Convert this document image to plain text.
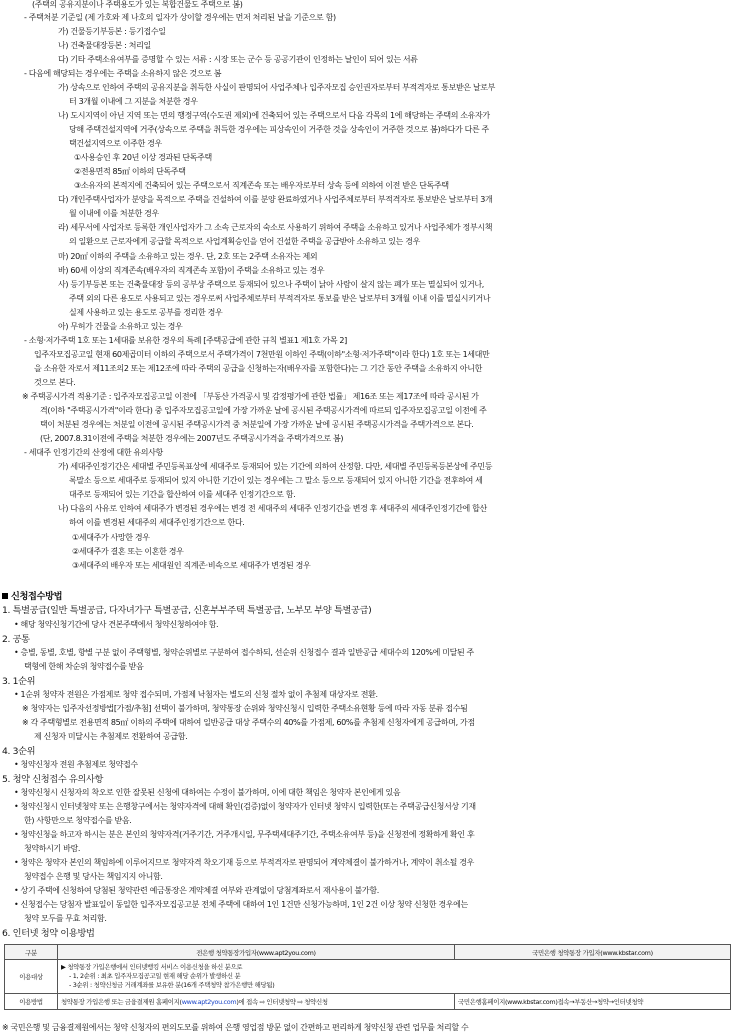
(주택의 공유지분이나 주택용도가 있는 복합건물도 주택으로 봄)
- 주택처분 기준일 (제 가호와 제 나호의 일자가 상이할 경우에는 먼저 처리된 날을 기준으로 함)
가) 건물등기부등본 : 등기접수일
나) 건축물대장등본 : 처리일
다) 기타 주택소유여부를 증명할 수 있는 서류 : 시장 또는 군수 등 공공기관이 인정하는 날인이 되어 있는 서류
- 다음에 해당되는 경우에는 주택을 소유하지 않은 것으로 봄
가) 상속으로 인하여 주택의 공유지분을 취득한 사실이 판명되어 사업주체나 입주자모집 승인권자로부터 부적격자로 통보받은 날로부
터 3개월 이내에 그 지분을 처분한 경우
나) 도시지역이 아닌 지역 또는 면의 행정구역(수도권 제외)에 건축되어 있는 주택으로서 다음 각목의 1에 해당하는 주택의 소유자가
당해 주택건설지역에 거주(상속으로 주택을 취득한 경우에는 피상속인이 거주한 것을 상속인이 거주한 것으로 봄)하다가 다른 주
택건설지역으로 이주한 경우
①사용승인 후 20년 이상 경과된 단독주택
②전용면적 85㎡ 이하의 단독주택
③소유자의 본적지에 건축되어 있는 주택으로서 직계존속 또는 배우자로부터 상속 등에 의하여 이전 받은 단독주택
다) 개인주택사업자가 분양을 목적으로 주택을 건설하여 이를 분양 완료하였거나 사업주체로부터 부적격자로 통보받은 날로부터 3개
월 이내에 이를 처분한 경우
라) 세무서에 사업자로 등록한 개인사업자가 그 소속 근로자의 숙소로 사용하기 위하여 주택을 소유하고 있거나 사업주체가 정부시책
의 일환으로 근로자에게 공급할 목적으로 사업계획승인을 얻어 건설한 주택을 공급받아 소유하고 있는 경우
마) 20㎡ 이하의 주택을 소유하고 있는 경우. 단, 2호 또는 2주택 소유자는 제외
바) 60세 이상의 직계존속(배우자의 직계존속 포함)이 주택을 소유하고 있는 경우
사) 등기부등본 또는 건축물대장 등의 공부상 주택으로 등재되어 있으나 주택이 낡아 사람이 살지 않는 폐가 또는 멸실되어 있거나,
주택 외의 다른 용도로 사용되고 있는 경우로써 사업주체로부터 부적격자로 통보를 받은 날로부터 3개월 이내 이를 멸실시키거나
실제 사용하고 있는 용도로 공부를 정리한 경우
아) 무허가 건물을 소유하고 있는 경우
- 소형·저가주택 1호 또는 1세대를 보유한 경우의 특례 [주택공급에 관한 규칙 별표1 제1호 가목 2]
입주자모집공고일 현재 60제곱미터 이하의 주택으로서 주택가격이 7천만원 이하인 주택(이하"소형·저가주택"이라 한다) 1호 또는 1세대만
을 소유한 자로서 제11조의2 또는 제12조에 따라 주택의 공급을 신청하는자(배우자를 포함한다)는 그 기간 동안 주택을 소유하지 아니한
것으로 본다.
※ 주택공시가격 적용기준 : 입주자모집공고일 이전에 「부동산 가격공시 및 감정평가에 관한 법률」 제16조 또는 제17조에 따라 공시된 가
격(이하 "주택공시가격"이라 한다) 중 입주자모집공고일에 가장 가까운 날에 공시된 주택공시가격에 따르되 입주자모집공고일 이전에 주
택이 처분된 경우에는 처분일 이전에 공시된 주택공시가격 중 처분일에 가장 가까운 날에 공시된 주택공시가격을 주택가격으로 본다.
(단, 2007.8.31이전에 주택을 처분한 경우에는 2007년도 주택공시가격을 주택가격으로 봄)
- 세대주 인정기간의 산정에 대한 유의사항
가) 세대주인정기간은 세대별 주민등록표상에 세대주로 등재되어 있는 기간에 의하여 산정함. 다만, 세대별 주민등록등본상에 주민등
록말소 등으로 세대주로 등재되어 있지 아니한 기간이 있는 경우에는 그 말소 등으로 등재되어 있지 아니한 기간을 전후하여 세
대주로 등재되어 있는 기간을 합산하여 이를 세대주 인정기간으로 함.
나) 다음의 사유로 인하여 세대주가 변경된 경우에는 변경 전 세대주의 세대주 인정기간을 변경 후 세대주의 세대주인정기간에 합산
하여 이를 변경된 세대주의 세대주인정기간으로 한다.
①세대주가 사망한 경우
②세대주가 결혼 또는 이혼한 경우
③세대주의 배우자 또는 세대원인 직계존·비속으로 세대주가 변경된 경우
신청접수방법
1. 특별공급(일반 특별공급, 다자녀가구 특별공급, 신혼부부주택 특별공급, 노부모 부양 특별공급)
• 해당 청약신청기간에 당사 견본주택에서 청약신청하여야 함.
2. 공통
• 층별, 동별, 호별, 향별 구분 없이 주택형별, 청약순위별로 구분하여 접수하되, 선순위 신청접수 결과 일반공급 세대수의 120%에 미달된 주
택형에 한해 차순위 청약접수를 받음
3. 1순위
• 1순위 청약자 전원은 가점제로 청약 접수되며, 가점제 낙첨자는 별도의 신청 절차 없이 추첨제 대상자로 전환.
※ 청약자는 입주자선정방법[가점/추첨] 선택이 불가하며, 청약통장 순위와 청약신청시 입력한 주택소유현황 등에 따라 자동 분류 접수됨
※ 각 주택형별로 전용면적 85㎡ 이하의 주택에 대하여 일반공급 대상 주택수의 40%를 가점제, 60%를 추첨제 신청자에게 공급하며, 가점
제 신청자 미달시는 추첨제로 전환하여 공급함.
4. 3순위
• 청약신청자 전원 추첨제로 청약접수
5. 청약 신청접수 유의사항
• 청약신청시 신청자의 착오로 인한 잘못된 신청에 대하여는 수정이 불가하며, 이에 대한 책임은 청약자 본인에게 있음
• 청약신청시 인터넷청약 또는 은행창구에서는 청약자격에 대해 확인(검증)없이 청약자가 인터넷 청약시 입력한(또는 주택공급신청서상 기재
한) 사항만으로 청약접수를 받음.
• 청약신청을 하고자 하시는 분은 본인의 청약자격(거주기간, 거주개시일, 무주택세대주기간, 주택소유여부 등)을 신청전에 정확하게 확인 후
청약하시기 바람.
• 청약은 청약자 본인의 책임하에 이루어지므로 청약자격 착오기재 등으로 부적격자로 판명되어 계약체결이 불가하거나, 계약이 취소될 경우
청약접수 은행 및 당사는 책임지지 아니함.
• 상기 주택에 신청하여 당첨된 청약관련 예금통장은 계약체결 여부와 관계없이 당첨계좌로서 재사용이 불가함.
• 신청접수는 당첨자 발표일이 동일한 입주자모집공고분 전체 주택에 대하여 1인 1건만 신청가능하며, 1인 2건 이상 청약 신청한 경우에는
청약 모두를 무효 처리함.
6. 인터넷 청약 이용방법
구분	전은행 청약통장가입자(www.apt2you.com)	국민은행 청약통장 가입자(www.kbstar.com)
이용대상	▶ 청약통장 가입은행에서 인터넷뱅킹 서비스 이용신청을 하신 분으로
- 1, 2순위 : 최초 입주자모집공고일 현재 해당 순위가 발생하신 분
- 3순위 : 청약신청금 거래계좌를 보유한 분(16개 주택청약 참가은행만 해당됨)	

이용방법	청약통장 가입은행 또는 금융결제원 홈페이지(www.apt2you.com)에 접속 ⇨ 인터넷청약 ⇨ 청약신청	국민은행홈페이지(www.kbstar.com)접속→부동산→청약→인터넷청약
※ 국민은행 및 금융결제원에서는 청약 신청자의 편의도모를 위하여 은행 영업점 방문 없이 간편하고 편리하게 청약신청 관련 업무를 처리할 수
